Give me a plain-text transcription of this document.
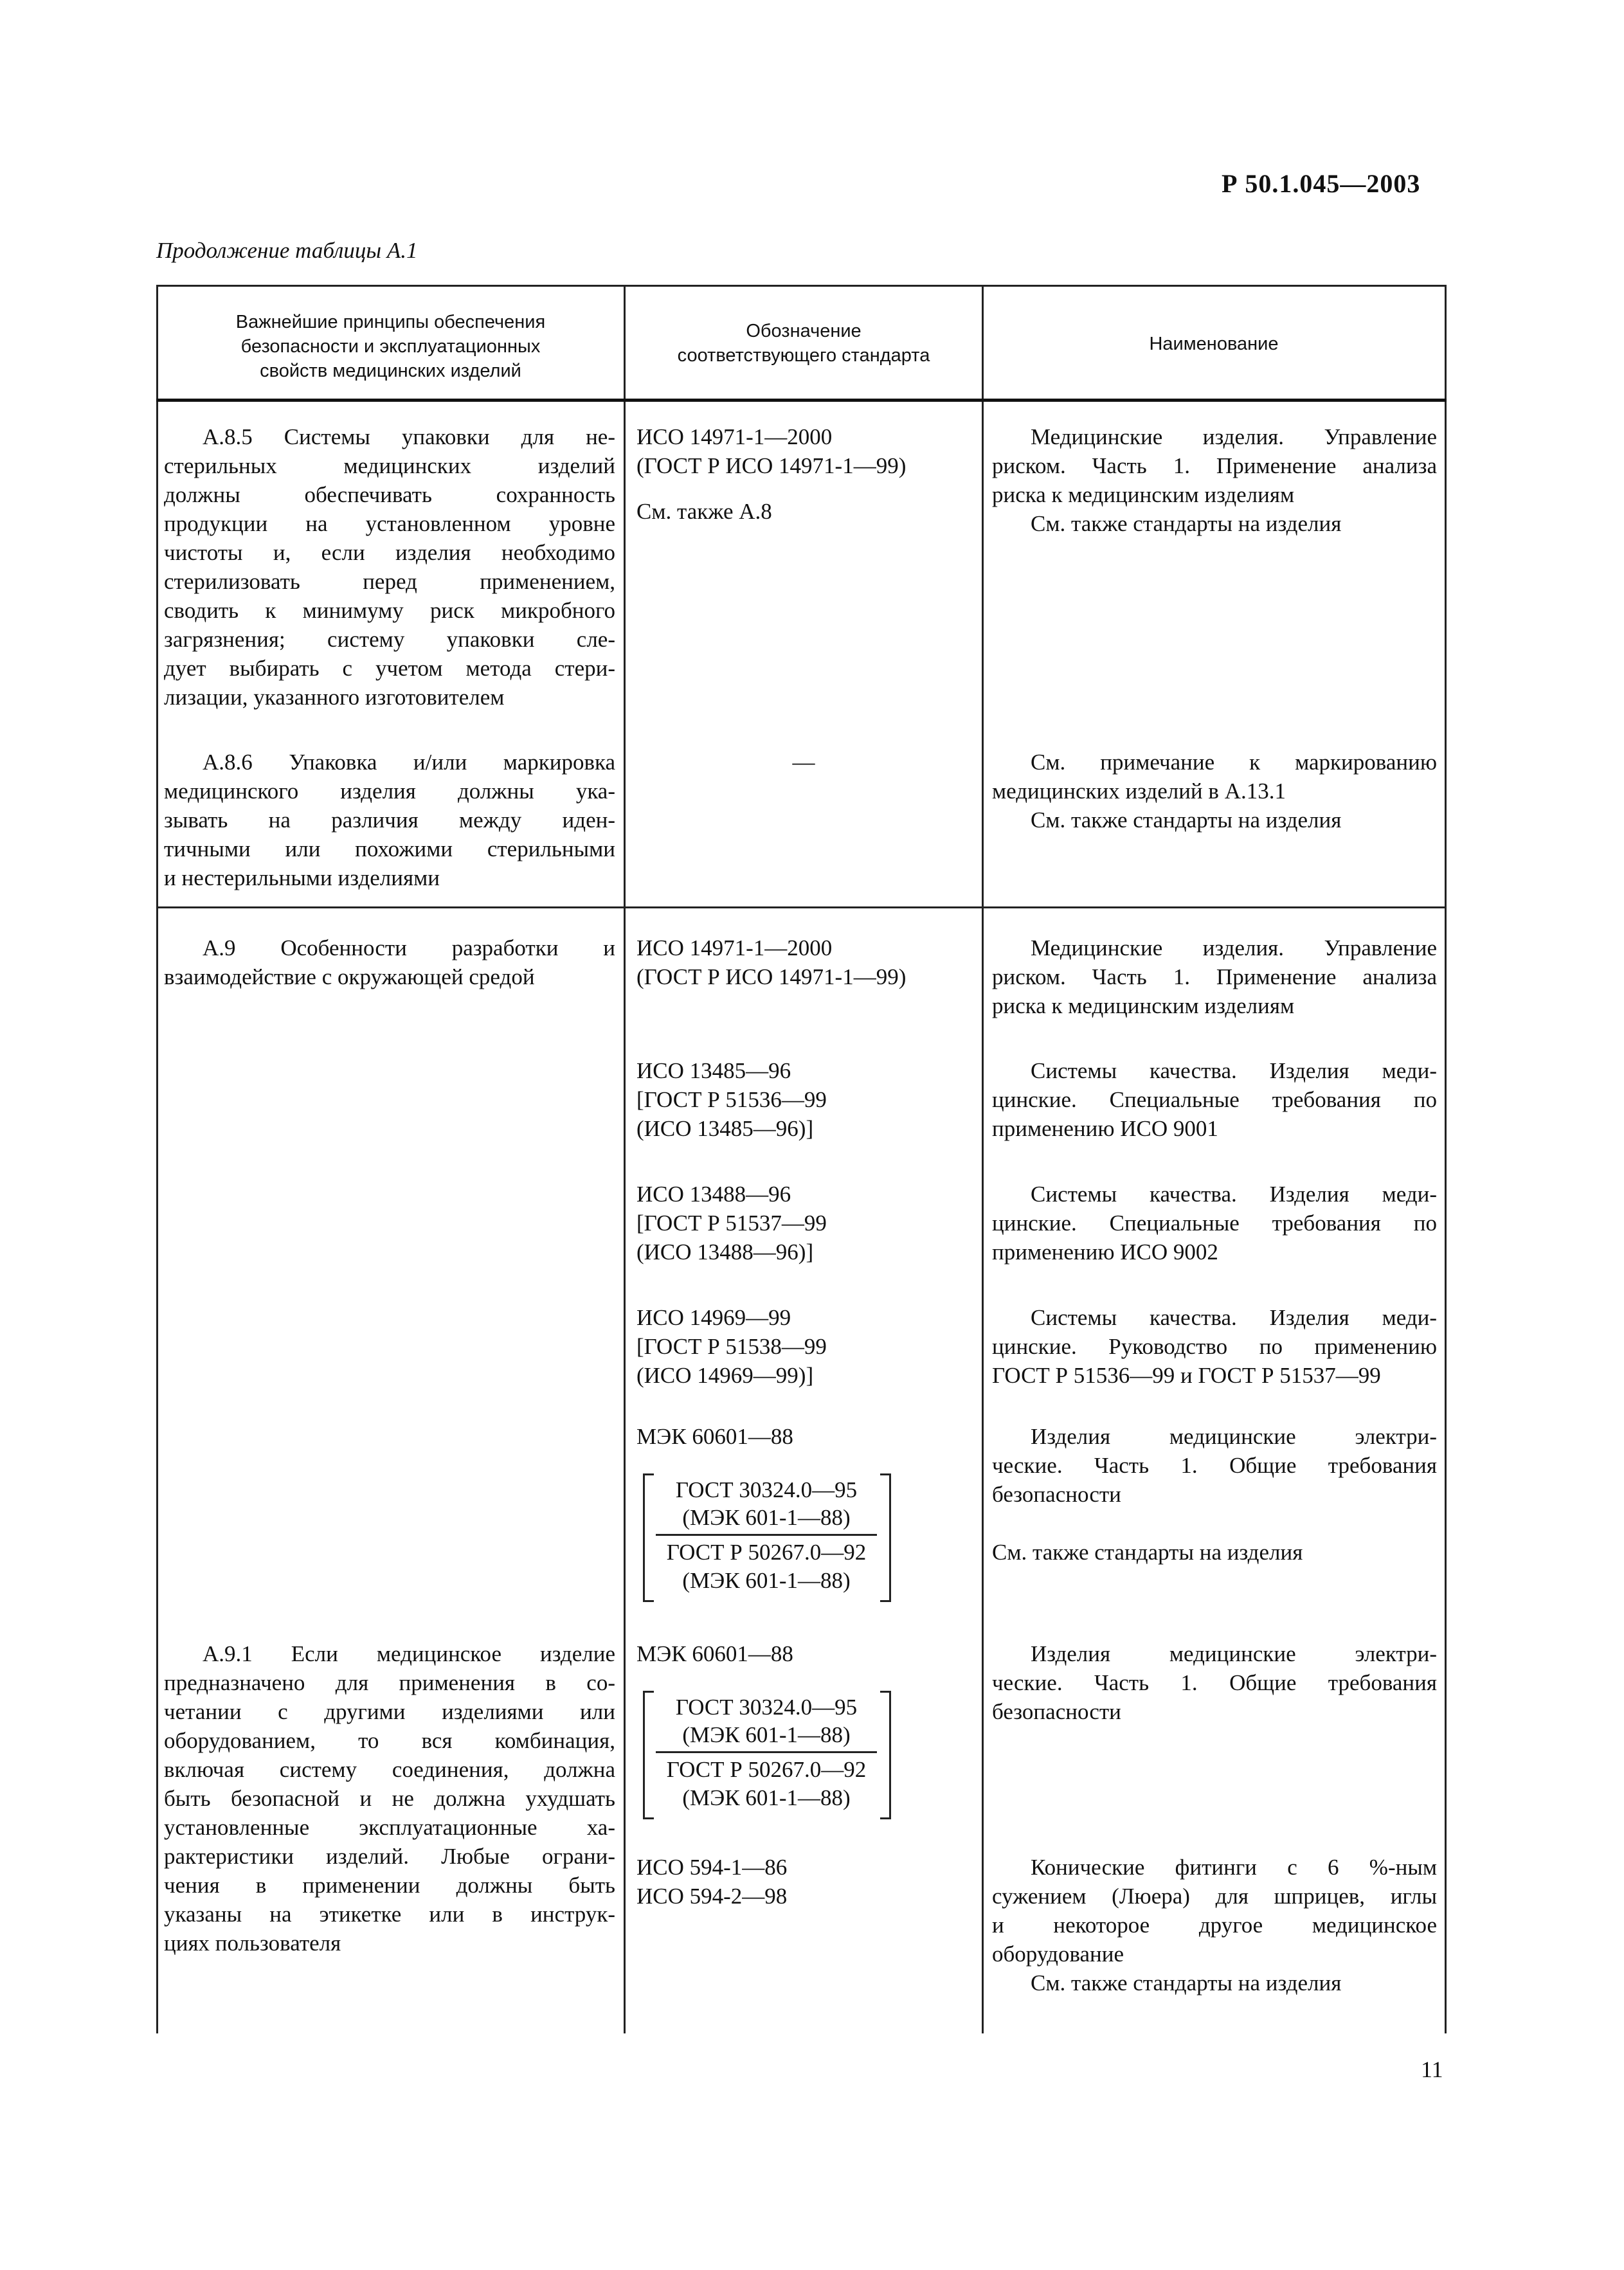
Р 50.1.045—2003
Продолжение таблицы А.1
Важнейшие принципы обеспечения
безопасности и эксплуатационных
свойств медицинских изделий
Обозначение
соответствующего стандарта
Наименование
А.8.5 Системы упаковки для не-
стерильных медицинских изделий
должны обеспечивать сохранность
продукции на установленном уровне
чистоты и, если изделия необходимо
стерилизовать перед применением,
сводить к минимуму риск микробного
загрязнения; систему упаковки сле-
дует выбирать с учетом метода стери-
лизации, указанного изготовителем
ИСО 14971-1—2000
(ГОСТ Р ИСО 14971-1—99)
См. также А.8
Медицинские изделия. Управление
риском. Часть 1. Применение анализа
риска к медицинским изделиям
См. также стандарты на изделия
А.8.6 Упаковка и/или маркировка
медицинского изделия должны ука-
зывать на различия между иден-
тичными или похожими стерильными
и нестерильными изделиями
—	См. примечание к маркированию
медицинских изделий в А.13.1
См. также стандарты на изделия
А.9 Особенности разработки и
взаимодействие с окружающей средой
ИСО 14971-1—2000
(ГОСТ Р ИСО 14971-1—99)
Медицинские изделия. Управление
риском. Часть 1. Применение анализа
риска к медицинским изделиям
ИСО 13485—96
[ГОСТ Р 51536—99
(ИСО 13485—96)]
Системы качества. Изделия меди-
цинские. Специальные требования по
применению ИСО 9001
ИСО 13488—96
[ГОСТ Р 51537—99
(ИСО 13488—96)]
Системы качества. Изделия меди-
цинские. Специальные требования по
применению ИСО 9002
ИСО 14969—99
[ГОСТ Р 51538—99
(ИСО 14969—99)]
Системы качества. Изделия меди-
цинские. Руководство по применению
ГОСТ Р 51536—99 и ГОСТ Р 51537—99
МЭК 60601—88
ГОСТ 30324.0—95
(МЭК 601-1—88)
ГОСТ Р 50267.0—92
(МЭК 601-1—88)
Изделия медицинские электри-
ческие. Часть 1. Общие требования
безопасности
См. также стандарты на изделия
А.9.1 Если медицинское изделие
предназначено для применения в со-
четании с другими изделиями или
оборудованием, то вся комбинация,
включая систему соединения, должна
быть безопасной и не должна ухудшать
установленные эксплуатационные ха-
рактеристики изделий. Любые ограни-
чения в применении должны быть
указаны на этикетке или в инструк-
циях пользователя
МЭК 60601—88
ГОСТ 30324.0—95
(МЭК 601-1—88)
ГОСТ Р 50267.0—92
(МЭК 601-1—88)
Изделия медицинские электри-
ческие. Часть 1. Общие требования
безопасности
ИСО 594-1—86
ИСО 594-2—98
Конические фитинги с 6 %-ным
сужением (Люера) для шприцев, иглы
и некоторое другое медицинское
оборудование
См. также стандарты на изделия
11
